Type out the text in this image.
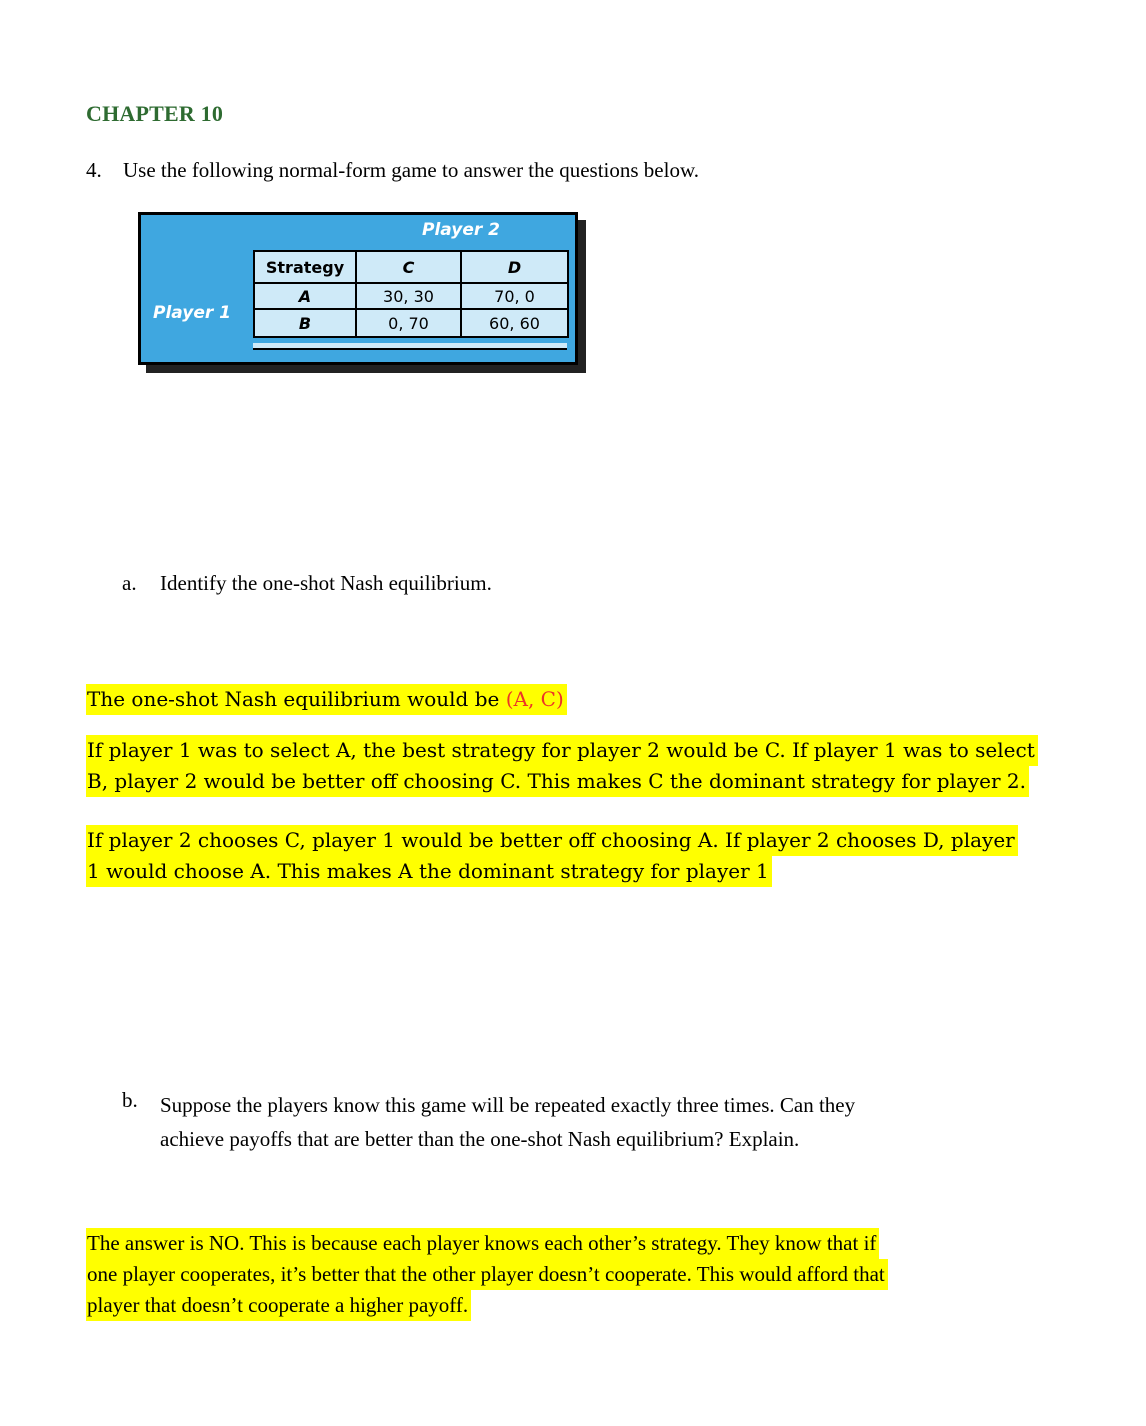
CHAPTER 10
4.	Use the following normal-form game to answer the questions below.
Player 2
Player 1
Strategy	C	D
A	30, 30	70, 0
B	0, 70	60, 60
a.	Identify the one-shot Nash equilibrium.
The one-shot Nash equilibrium would be (A, C)
If player 1 was to select A, the best strategy for player 2 would be C. If player 1 was to select
B, player 2 would be better off choosing C. This makes C the dominant strategy for player 2.
If player 2 chooses C, player 1 would be better off choosing A. If player 2 chooses D, player
1 would choose A. This makes A the dominant strategy for player 1
b.	Suppose the players know this game will be repeated exactly three times. Can they
achieve payoffs that are better than the one-shot Nash equilibrium? Explain.
The answer is NO. This is because each player knows each other’s strategy. They know that if
one player cooperates, it’s better that the other player doesn’t cooperate. This would afford that
player that doesn’t cooperate a higher payoff.
